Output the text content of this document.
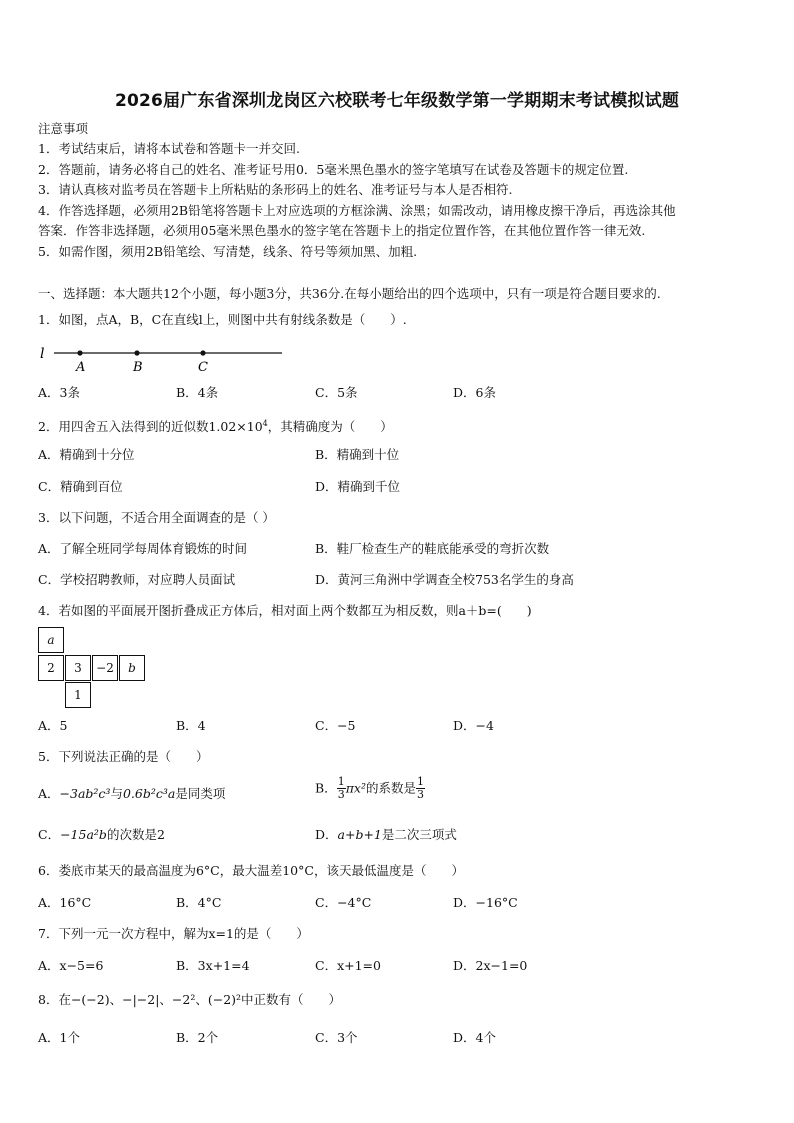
2026届广东省深圳龙岗区六校联考七年级数学第一学期期末考试模拟试题
注意事项
1．考试结束后，请将本试卷和答题卡一并交回.
2．答题前，请务必将自己的姓名、准考证号用0．5毫米黑色墨水的签字笔填写在试卷及答题卡的规定位置.
3．请认真核对监考员在答题卡上所粘贴的条形码上的姓名、准考证号与本人是否相符.
4．作答选择题，必须用2B铅笔将答题卡上对应选项的方框涂满、涂黑；如需改动，请用橡皮擦干净后，再选涂其他
答案．作答非选择题，必须用05毫米黑色墨水的签字笔在答题卡上的指定位置作答，在其他位置作答一律无效.
5．如需作图，须用2B铅笔绘、写清楚，线条、符号等须加黑、加粗.
一、选择题：本大题共12个小题，每小题3分，共36分.在每小题给出的四个选项中，只有一项是符合题目要求的.
1．如图，点A，B，C在直线l上，则图中共有射线条数是（　　）.
l
A	B	C
A．3条	B．4条	C．5条	D．6条
2．用四舍五入法得到的近似数$1.02\times 10^4$，其精确度为（　　）
A．精确到十分位	B．精确到十位
C．精确到百位	D．精确到千位
3．以下问题，不适合用全面调查的是（ ）
A．了解全班同学每周体育锻炼的时间	B．鞋厂检查生产的鞋底能承受的弯折次数
C．学校招聘教师，对应聘人员面试	D．黄河三角洲中学调查全校753名学生的身高
4．若如图的平面展开图折叠成正方体后，相对面上两个数都互为相反数，则a＋b=(　　)
a
2	3	−2	b
1
A．5	B．4	C．−5	D．−4
5．下列说法正确的是（　　）
A．−3ab²c³与0.6b²c³a是同类项	B． $\frac{1}{3} \pi x^2$的系数是 $\frac{1}{3}$
C．−15a²b的次数是2	D．a+b+1是二次三项式
6．娄底市某天的最高温度为6°C，最大温差10°C，该天最低温度是（　　）
A．16°C	B．4°C	C．−4°C	D．−16°C
7．下列一元一次方程中，解为x=1的是（　　）
A．x−5=6	B．3x+1=4	C．x+1=0	D．2x−1=0
8．在−(−2)、−|−2|、−2²、(−2)²中正数有（　　）
A．1个	B．2个	C．3个	D．4个
